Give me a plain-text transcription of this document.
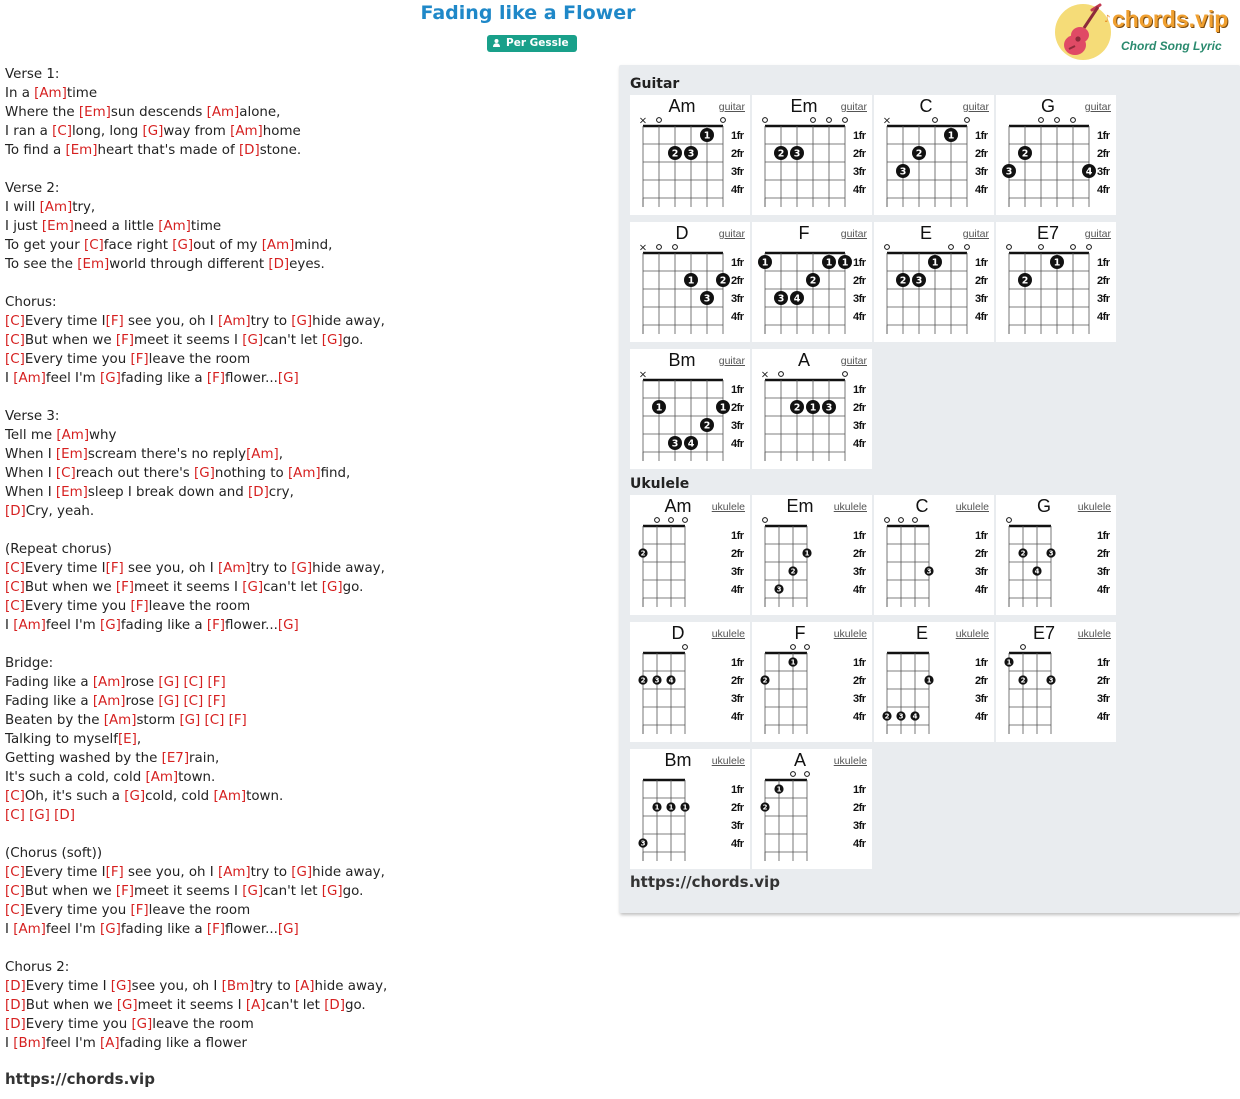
Fading like a Flower
Per Gessle
♪ chords.vip
Chord Song Lyric
Verse 1:
In a [Am]time
Where the [Em]sun descends [Am]alone,
I ran a [C]long, long [G]way from [Am]home
To find a [Em]heart that's made of [D]stone.
Verse 2:
I will [Am]try,
I just [Em]need a little [Am]time
To get your [C]face right [G]out of my [Am]mind,
To see the [Em]world through different [D]eyes.
Chorus:
[C]Every time I[F] see you, oh I [Am]try to [G]hide away,
[C]But when we [F]meet it seems I [G]can't let [G]go.
[C]Every time you [F]leave the room
I [Am]feel I'm [G]fading like a [F]flower...[G]
Verse 3:
Tell me [Am]why
When I [Em]scream there's no reply[Am],
When I [C]reach out there's [G]nothing to [Am]find,
When I [Em]sleep I break down and [D]cry,
[D]Cry, yeah.
(Repeat chorus)
[C]Every time I[F] see you, oh I [Am]try to [G]hide away,
[C]But when we [F]meet it seems I [G]can't let [G]go.
[C]Every time you [F]leave the room
I [Am]feel I'm [G]fading like a [F]flower...[G]
Bridge:
Fading like a [Am]rose [G] [C] [F]
Fading like a [Am]rose [G] [C] [F]
Beaten by the [Am]storm [G] [C] [F]
Talking to myself[E],
Getting washed by the [E7]rain,
It's such a cold, cold [Am]town.
[C]Oh, it's such a [G]cold, cold [Am]town.
[C] [G] [D]
(Chorus (soft))
[C]Every time I[F] see you, oh I [Am]try to [G]hide away,
[C]But when we [F]meet it seems I [G]can't let [G]go.
[C]Every time you [F]leave the room
I [Am]feel I'm [G]fading like a [F]flower...[G]
Chorus 2:
[D]Every time I [G]see you, oh I [Bm]try to [A]hide away,
[D]But when we [G]meet it seems I [A]can't let [D]go.
[D]Every time you [G]leave the room
I [Bm]feel I'm [A]fading like a flower
https://chords.vip
Guitar
Ukulele
https://chords.vip
Am	guitar
1fr
2fr
3fr
4fr
×
2 3
1
Em	guitar
1fr
2fr
3fr
4fr
2 3
C	guitar
1fr
2fr
3fr
4fr
×
3
2
1
G	guitar
1fr
2fr
3fr
4fr
3
2
4
D	guitar
1fr
2fr
3fr
4fr
×
1
3
2
F	guitar
1fr
2fr
3fr
4fr
1
3 4
2
1 1
E	guitar
1fr
2fr
3fr
4fr
2 3
1
E7	guitar
1fr
2fr
3fr
4fr
2
1
Bm	guitar
1fr
2fr
3fr
4fr
×
1
3 4
2
1
A	guitar
1fr
2fr
3fr
4fr
×
2 1 3
Am	ukulele
1fr
2fr
3fr
4fr
2
Em	ukulele
1fr
2fr
3fr
4fr
3
2
1
C	ukulele
1fr
2fr
3fr
4fr
3
G	ukulele
1fr
2fr
3fr
4fr
2
4
3
D	ukulele
1fr
2fr
3fr
4fr
2 3 4
F	ukulele
1fr
2fr
3fr
4fr
2
1
E	ukulele
1fr
2fr
3fr
4fr
2 3 4
1
E7	ukulele
1fr
2fr
3fr
4fr
1
2	3
Bm	ukulele
1fr
2fr
3fr
4fr
3
1 1 1
A	ukulele
1fr
2fr
3fr
4fr
2
1
